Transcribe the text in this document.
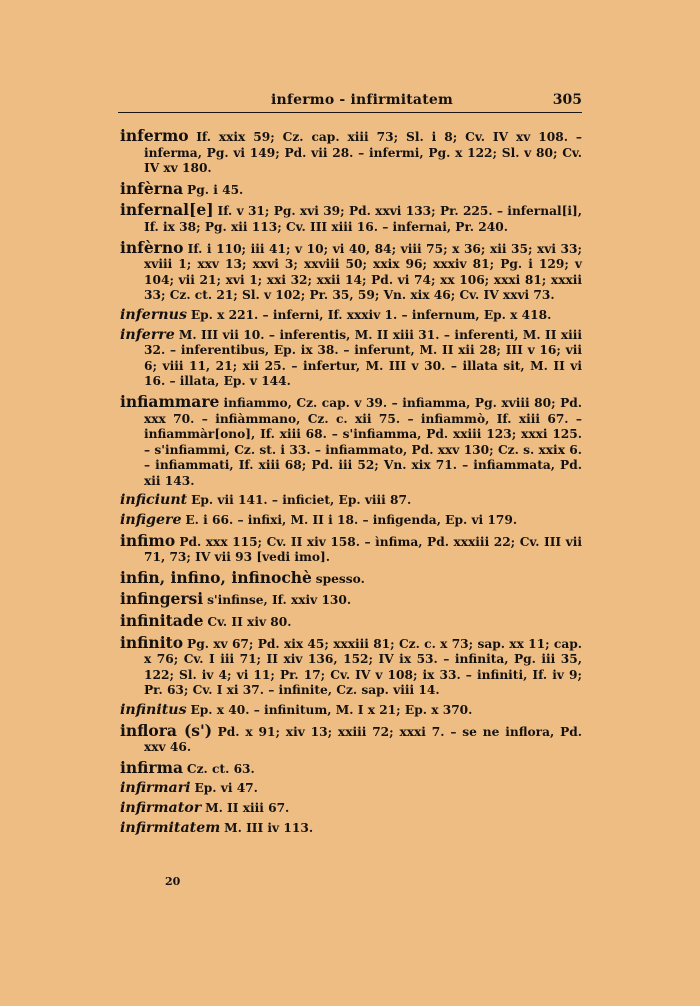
infermo - infirmitatem	305

infermo If. xxix 59; Cz. cap. xiii 73; Sl. i 8; Cv. IV xv 108. – inferma, Pg. vi 149; Pd. vii 28. – infermi, Pg. x 122; Sl. v 80; Cv. IV xv 180.

infèrna Pg. i 45.

infernal[e] If. v 31; Pg. xvi 39; Pd. xxvi 133; Pr. 225. – infernal[i], If. ix 38; Pg. xii 113; Cv. III xiii 16. – infernai, Pr. 240.

infèrno If. i 110; iii 41; v 10; vi 40, 84; viii 75; x 36; xii 35; xvi 33; xviii 1; xxv 13; xxvi 3; xxviii 50; xxix 96; xxxiv 81; Pg. i 129; v 104; vii 21; xvi 1; xxi 32; xxii 14; Pd. vi 74; xx 106; xxxi 81; xxxii 33; Cz. ct. 21; Sl. v 102; Pr. 35, 59; Vn. xix 46; Cv. IV xxvi 73.

infernus Ep. x 221. – inferni, If. xxxiv 1. – infernum, Ep. x 418.

inferre M. III vii 10. – inferentis, M. II xiii 31. – inferenti, M. II xiii 32. – inferentibus, Ep. ix 38. – inferunt, M. II xii 28; III v 16; vii 6; viii 11, 21; xii 25. – infertur, M. III v 30. – illata sit, M. II vi 16. – illata, Ep. v 144.

infiammare infiammo, Cz. cap. v 39. – infiamma, Pg. xviii 80; Pd. xxx 70. – infiàmmano, Cz. c. xii 75. – infiammò, If. xiii 67. – infiammàr[ono], If. xiii 68. – s'infiamma, Pd. xxiii 123; xxxi 125. – s'infiammi, Cz. st. i 33. – infiammato, Pd. xxv 130; Cz. s. xxix 6. – infiammati, If. xiii 68; Pd. iii 52; Vn. xix 71. – infiammata, Pd. xii 143.

inficiunt Ep. vii 141. – inficiet, Ep. viii 87.

infigere E. i 66. – infixi, M. II i 18. – infigenda, Ep. vi 179.

infimo Pd. xxx 115; Cv. II xiv 158. – ìnfima, Pd. xxxiii 22; Cv. III vii 71, 73; IV vii 93 [vedi imo].

infin, infino, infinochè spesso.

infingersi s'infinse, If. xxiv 130.

infinitade Cv. II xiv 80.

infinito Pg. xv 67; Pd. xix 45; xxxiii 81; Cz. c. x 73; sap. xx 11; cap. x 76; Cv. I iii 71; II xiv 136, 152; IV ix 53. – infinita, Pg. iii 35, 122; Sl. iv 4; vi 11; Pr. 17; Cv. IV v 108; ix 33. – infiniti, If. iv 9; Pr. 63; Cv. I xi 37. – infinite, Cz. sap. viii 14.

infinitus Ep. x 40. – infinitum, M. I x 21; Ep. x 370.

inflora (s') Pd. x 91; xiv 13; xxiii 72; xxxi 7. – se ne inflora, Pd. xxv 46.

infirma Cz. ct. 63.

infirmari Ep. vi 47.

infirmator M. II xiii 67.

infirmitatem M. III iv 113.

20
